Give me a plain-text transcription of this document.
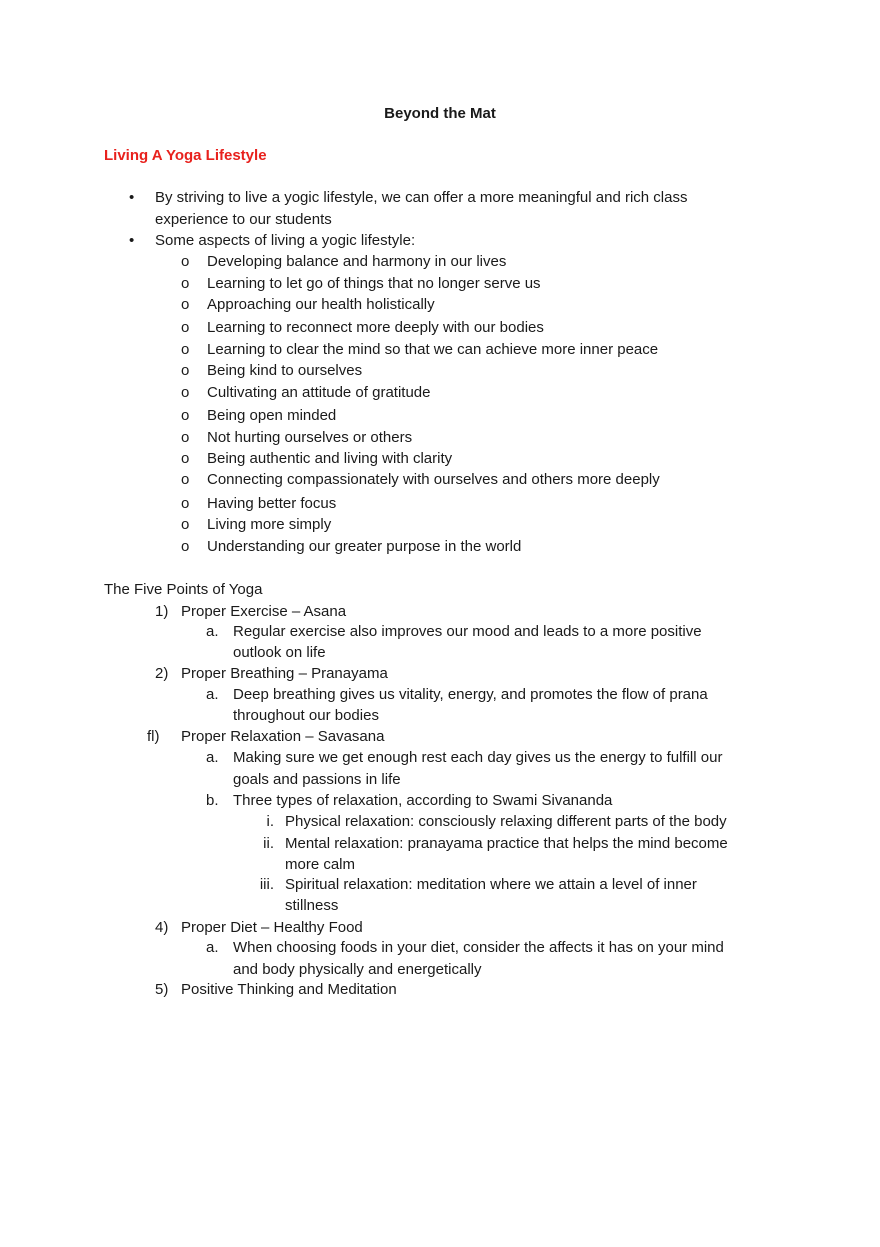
Beyond the Mat
Living A Yoga Lifestyle
• By striving to live a yogic lifestyle, we can offer a more meaningful and rich class
experience to our students
• Some aspects of living a yogic lifestyle:
o Developing balance and harmony in our lives
o Learning to let go of things that no longer serve us
o Approaching our health holistically
o Learning to reconnect more deeply with our bodies
o Learning to clear the mind so that we can achieve more inner peace
o Being kind to ourselves
o Cultivating an attitude of gratitude
o Being open minded
o Not hurting ourselves or others
o Being authentic and living with clarity
o Connecting compassionately with ourselves and others more deeply
o Having better focus
o Living more simply
o Understanding our greater purpose in the world
The Five Points of Yoga
1) Proper Exercise – Asana
a. Regular exercise also improves our mood and leads to a more positive
outlook on life
2) Proper Breathing – Pranayama
a. Deep breathing gives us vitality, energy, and promotes the flow of prana
throughout our bodies
fl) Proper Relaxation – Savasana
a. Making sure we get enough rest each day gives us the energy to fulfill our
goals and passions in life
b. Three types of relaxation, according to Swami Sivananda
i. Physical relaxation: consciously relaxing different parts of the body
ii. Mental relaxation: pranayama practice that helps the mind become
more calm
iii. Spiritual relaxation: meditation where we attain a level of inner
stillness
4) Proper Diet – Healthy Food
a. When choosing foods in your diet, consider the affects it has on your mind
and body physically and energetically
5) Positive Thinking and Meditation
